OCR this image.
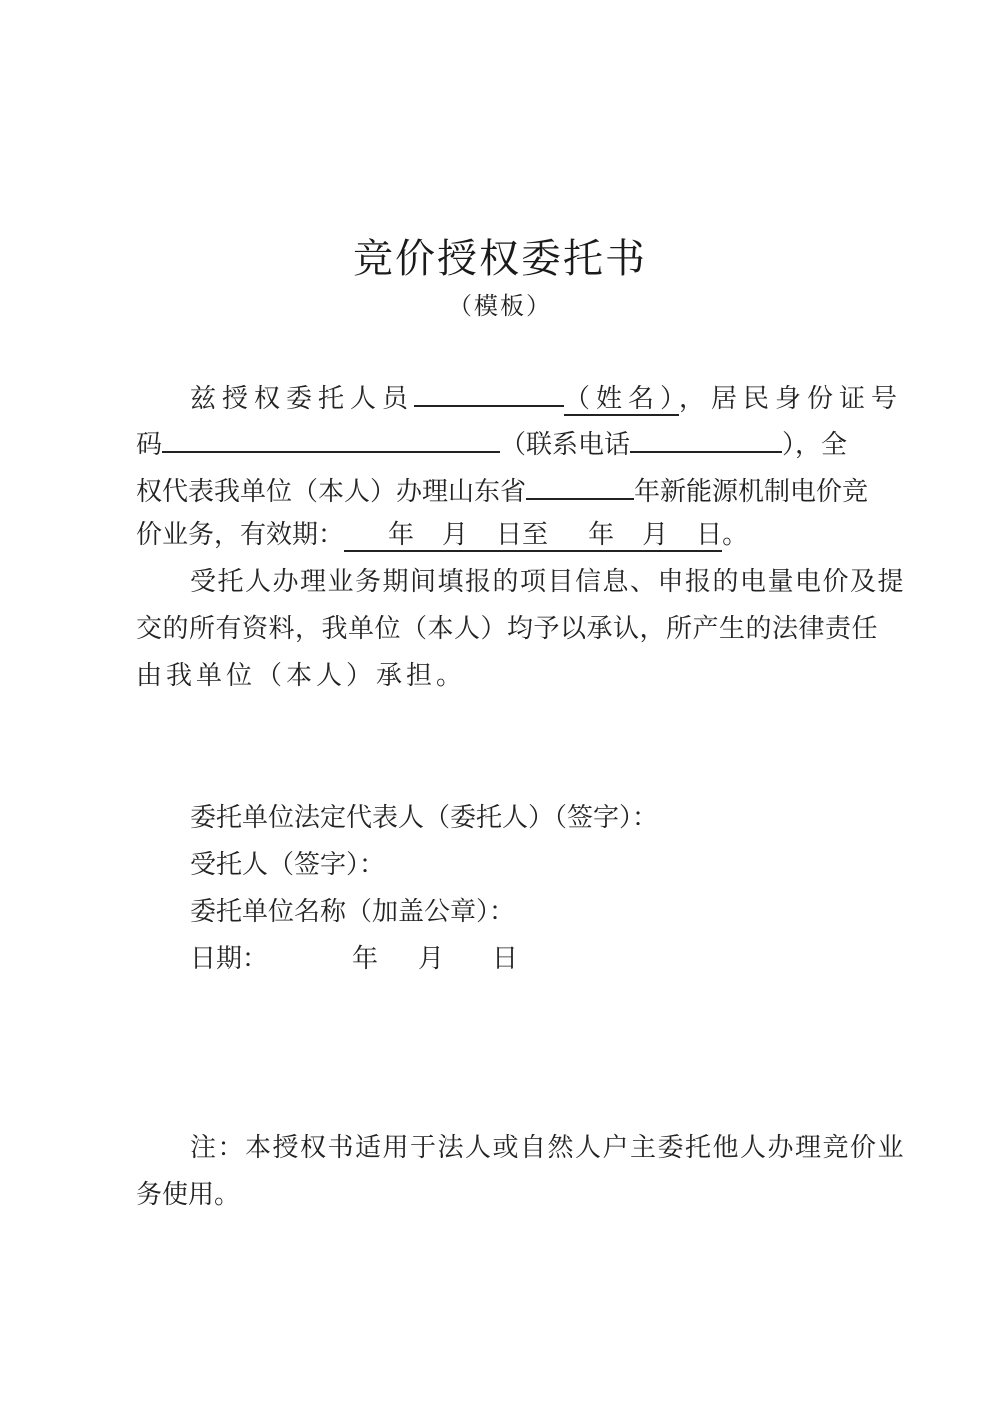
竞价授权委托书
（模板）
兹授权委托人员	（姓名），居民身份证号
码	（联系电话	），全
权代表我单位（本人）办理山东省	年新能源机制电价竞
价业务，有效期： 年 月 日至 年 月 日。
受托人办理业务期间填报的项目信息、申报的电量电价及提
交的所有资料，我单位（本人）均予以承认，所产生的法律责任
由我单位（本人）承担。
委托单位法定代表人（委托人）（签字）：
受托人（签字）：
委托单位名称（加盖公章）：
日期：	年 月 日
注：本授权书适用于法人或自然人户主委托他人办理竞价业
务使用。
